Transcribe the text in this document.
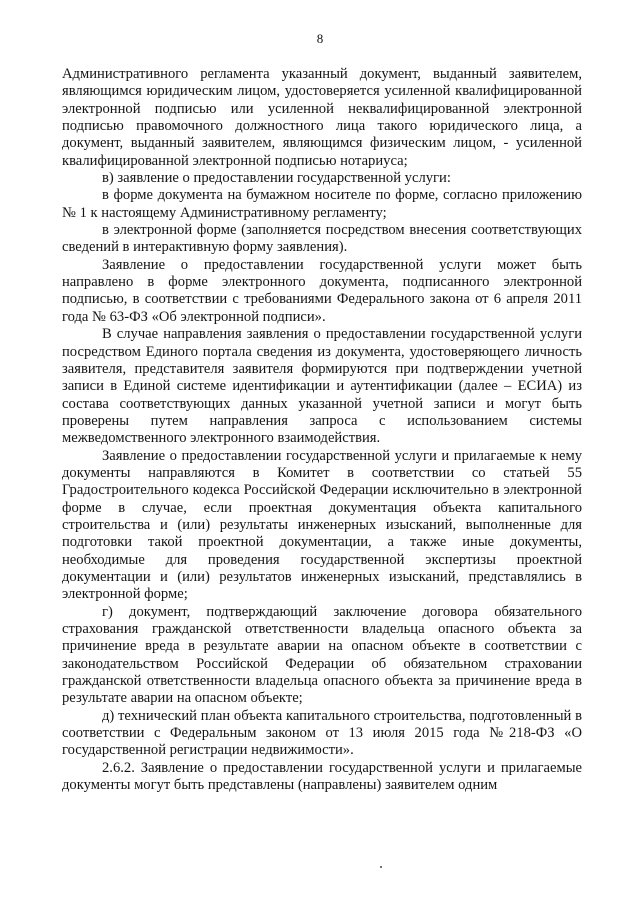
8

Административного регламента указанный документ, выданный заявителем, являющимся юридическим лицом, удостоверяется усиленной квалифицированной электронной подписью или усиленной неквалифицированной электронной подписью правомочного должностного лица такого юридического лица, а документ, выданный заявителем, являющимся физическим лицом, - усиленной квалифицированной электронной подписью нотариуса;

в) заявление о предоставлении государственной услуги:

в форме документа на бумажном носителе по форме, согласно приложению № 1 к настоящему Административному регламенту;

в электронной форме (заполняется посредством внесения соответствующих сведений в интерактивную форму заявления).

Заявление о предоставлении государственной услуги может быть направлено в форме электронного документа, подписанного электронной подписью, в соответствии с требованиями Федерального закона от 6 апреля 2011 года № 63-ФЗ «Об электронной подписи».

В случае направления заявления о предоставлении государственной услуги посредством Единого портала сведения из документа, удостоверяющего личность заявителя, представителя заявителя формируются при подтверждении учетной записи в Единой системе идентификации и аутентификации (далее – ЕСИА) из состава соответствующих данных указанной учетной записи и могут быть проверены путем направления запроса с использованием системы межведомственного электронного взаимодействия.

Заявление о предоставлении государственной услуги и прилагаемые к нему документы направляются в Комитет в соответствии со статьей 55 Градостроительного кодекса Российской Федерации исключительно в электронной форме в случае, если проектная документация объекта капитального строительства и (или) результаты инженерных изысканий, выполненные для подготовки такой проектной документации, а также иные документы, необходимые для проведения государственной экспертизы проектной документации и (или) результатов инженерных изысканий, представлялись в электронной форме;

г) документ, подтверждающий заключение договора обязательного страхования гражданской ответственности владельца опасного объекта за причинение вреда в результате аварии на опасном объекте в соответствии с законодательством Российской Федерации об обязательном страховании гражданской ответственности владельца опасного объекта за причинение вреда в результате аварии на опасном объекте;

д) технический план объекта капитального строительства, подготовленный в соответствии с Федеральным законом от 13 июля 2015 года №218-ФЗ «О государственной регистрации недвижимости».

2.6.2. Заявление о предоставлении государственной услуги и прилагаемые документы могут быть представлены (направлены) заявителем одним
